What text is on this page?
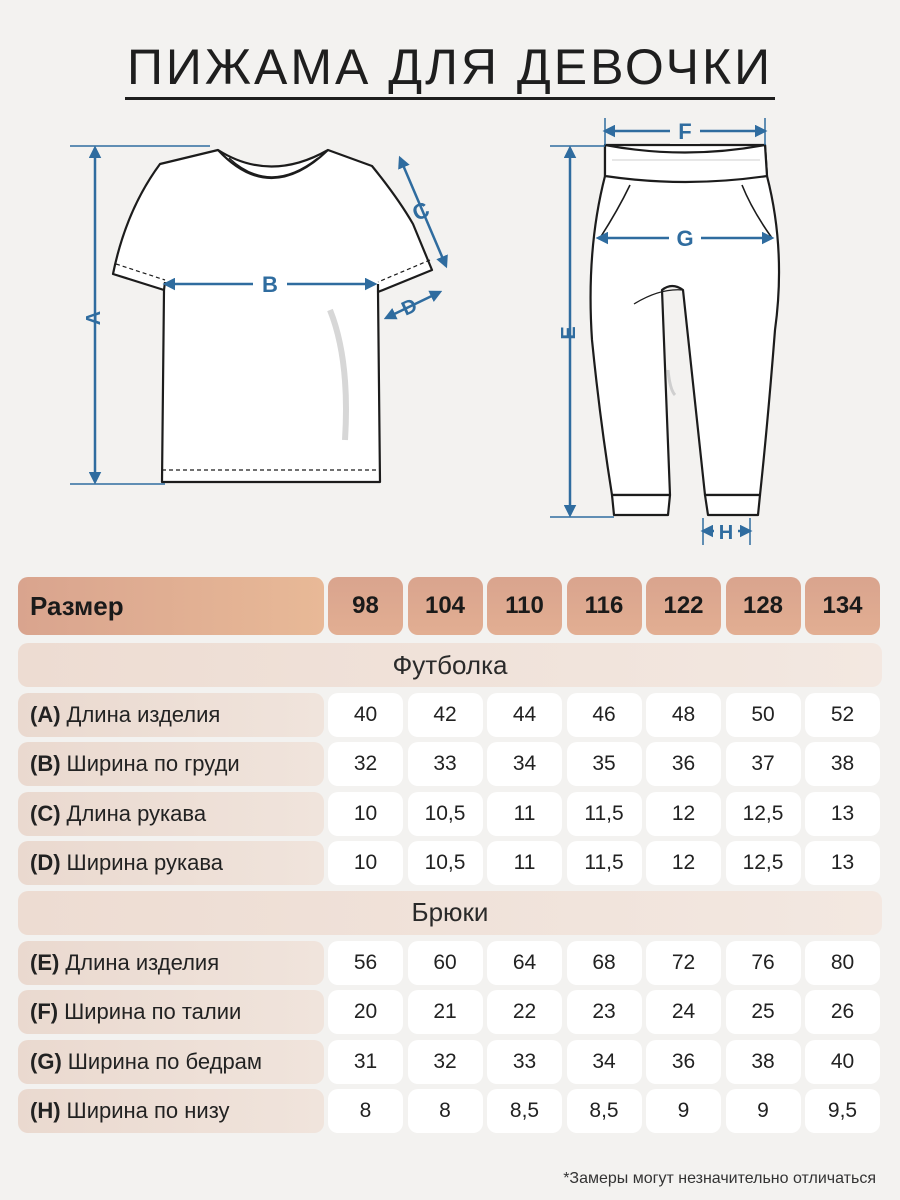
ПИЖАМА ДЛЯ ДЕВОЧКИ
A
B
C
D
F
G
E
H
Размер	98	104	110	116	122	128	134
Футболка
(A) Длина изделия	40	42	44	46	48	50	52
(B) Ширина по груди	32	33	34	35	36	37	38
(C) Длина рукава	10	10,5	11	11,5	12	12,5	13
(D) Ширина рукава	10	10,5	11	11,5	12	12,5	13
Брюки
(E) Длина изделия	56	60	64	68	72	76	80
(F) Ширина по талии	20	21	22	23	24	25	26
(G) Ширина по бедрам	31	32	33	34	36	38	40
(H) Ширина по низу	8	8	8,5	8,5	9	9	9,5
*Замеры могут незначительно отличаться
